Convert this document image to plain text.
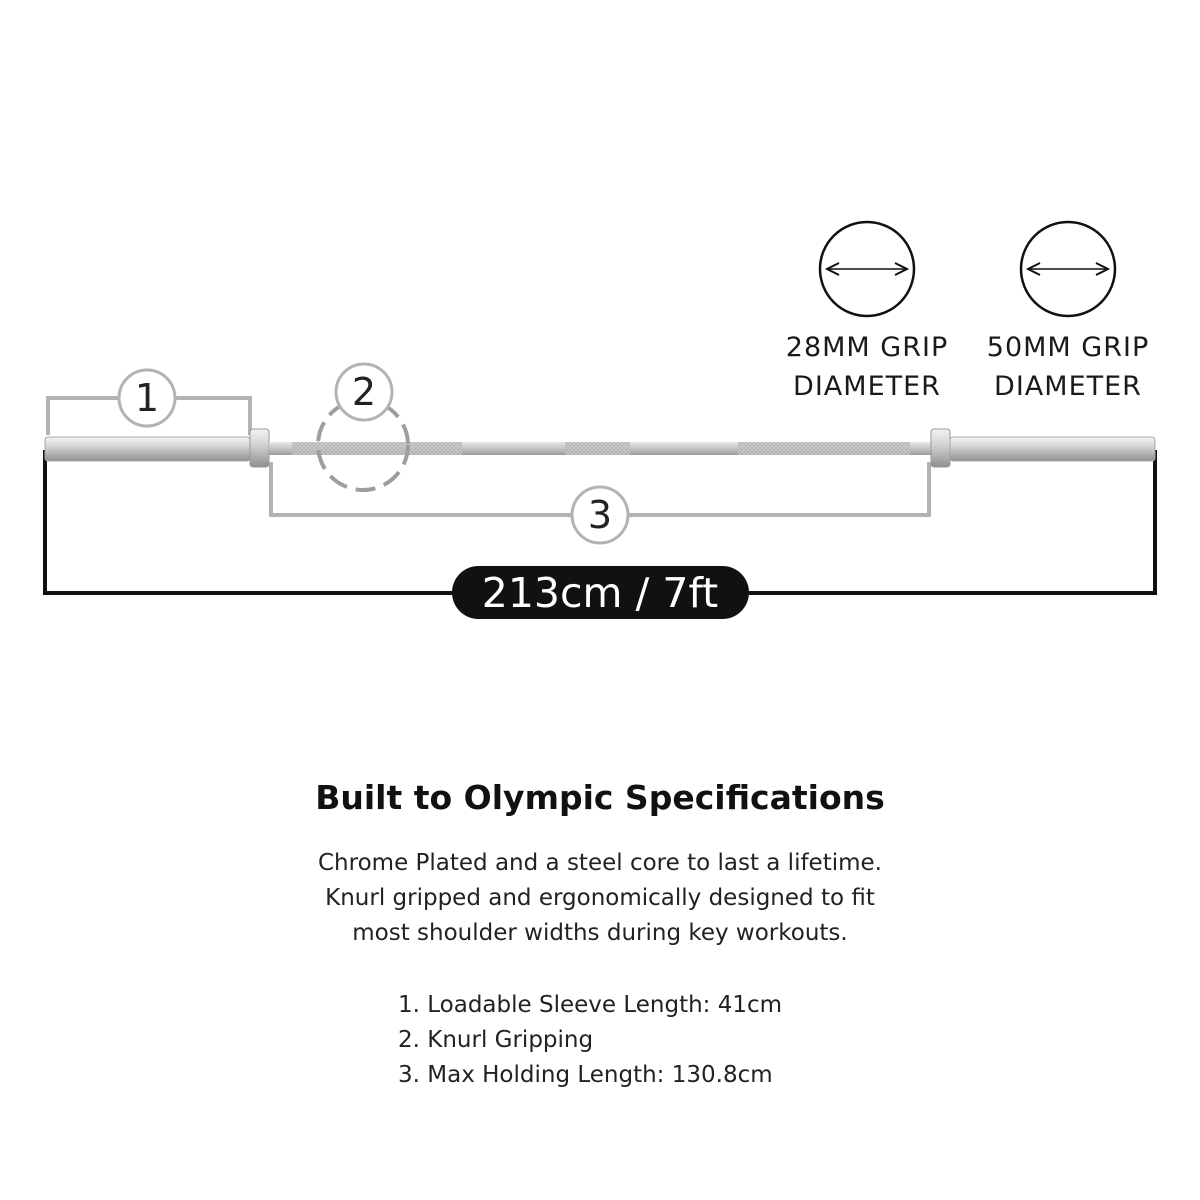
1	2
3
213cm / 7ft
28MM GRIP
DIAMETER
50MM GRIP
DIAMETER
Built to Olympic Specifications
Chrome Plated and a steel core to last a lifetime.
Knurl gripped and ergonomically designed to fit
most shoulder widths during key workouts.
1. Loadable Sleeve Length: 41cm
2. Knurl Gripping
3. Max Holding Length: 130.8cm
